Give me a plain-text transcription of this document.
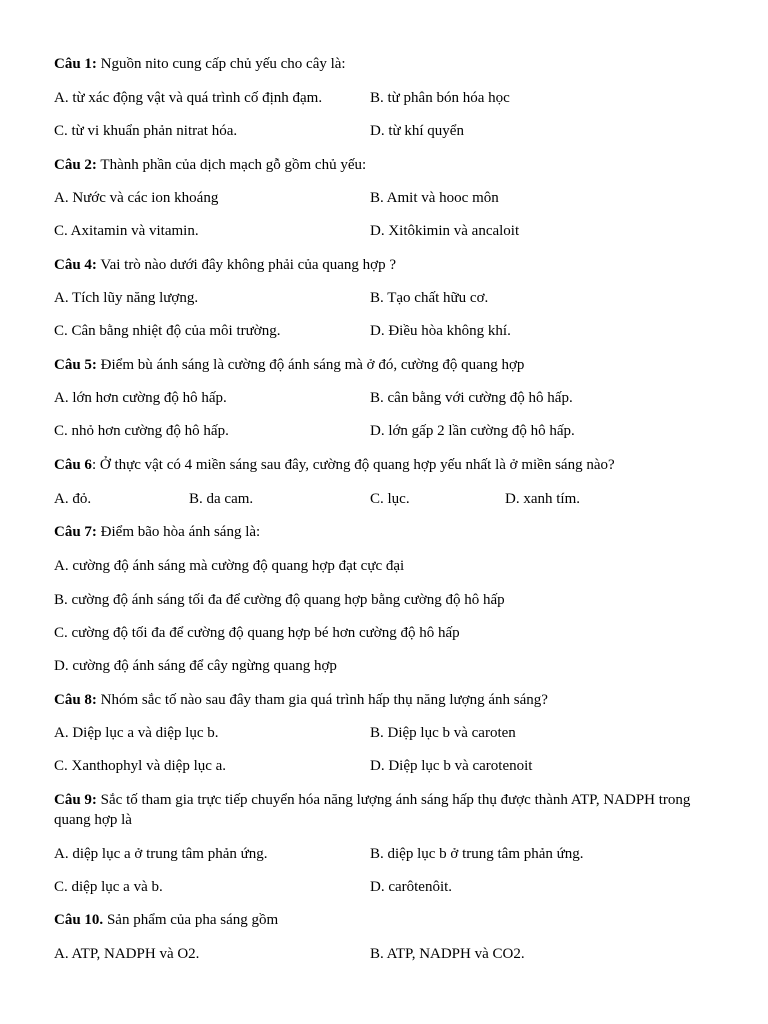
Câu 1: Nguồn nito cung cấp chủ yếu cho cây là:
A. từ xác động vật và quá trình cố định đạm.	B. từ phân bón hóa học
C. từ vi khuẩn phản nitrat hóa.	D. từ khí quyển
Câu 2: Thành phần của dịch mạch gỗ gồm chủ yếu:
A. Nước và các ion khoáng	B. Amit và hooc môn
C. Axitamin và vitamin.	D. Xitôkimin và ancaloit
Câu 4: Vai trò nào dưới đây không phải của quang hợp ?
A. Tích lũy năng lượng.	B. Tạo chất hữu cơ.
C. Cân bằng nhiệt độ của môi trường.	D. Điều hòa không khí.
Câu 5: Điểm bù ánh sáng là cường độ ánh sáng mà ở đó, cường độ quang hợp
A. lớn hơn cường độ hô hấp.	B. cân bằng với cường độ hô hấp.
C. nhỏ hơn cường độ hô hấp.	D. lớn gấp 2 lần cường độ hô hấp.
Câu 6: Ở thực vật có 4 miền sáng sau đây, cường độ quang hợp yếu nhất là ở miền sáng nào?
A. đỏ.	B. da cam.	C. lục.	D. xanh tím.
Câu 7: Điểm bão hòa ánh sáng là:
A. cường độ ánh sáng mà cường độ quang hợp đạt cực đại
B. cường độ ánh sáng tối đa để cường độ quang hợp bằng cường độ hô hấp
C. cường độ tối đa để cường độ quang hợp bé hơn cường độ hô hấp
D. cường độ ánh sáng để cây ngừng quang hợp
Câu 8: Nhóm sắc tố nào sau đây tham gia quá trình hấp thụ năng lượng ánh sáng?
A. Diệp lục a và diệp lục b.	B. Diệp lục b và caroten
C. Xanthophyl và diệp lục a.	D. Diệp lục b và carotenoit
Câu 9: Sắc tố tham gia trực tiếp chuyển hóa năng lượng ánh sáng hấp thụ được thành ATP, NADPH trong
quang hợp là
A. diệp lục a ở trung tâm phản ứng.	B. diệp lục b ở trung tâm phản ứng.
C. diệp lục a và b.	D. carôtenôit.
Câu 10. Sản phẩm của pha sáng gồm
A. ATP, NADPH và O2.	B. ATP, NADPH và CO2.
